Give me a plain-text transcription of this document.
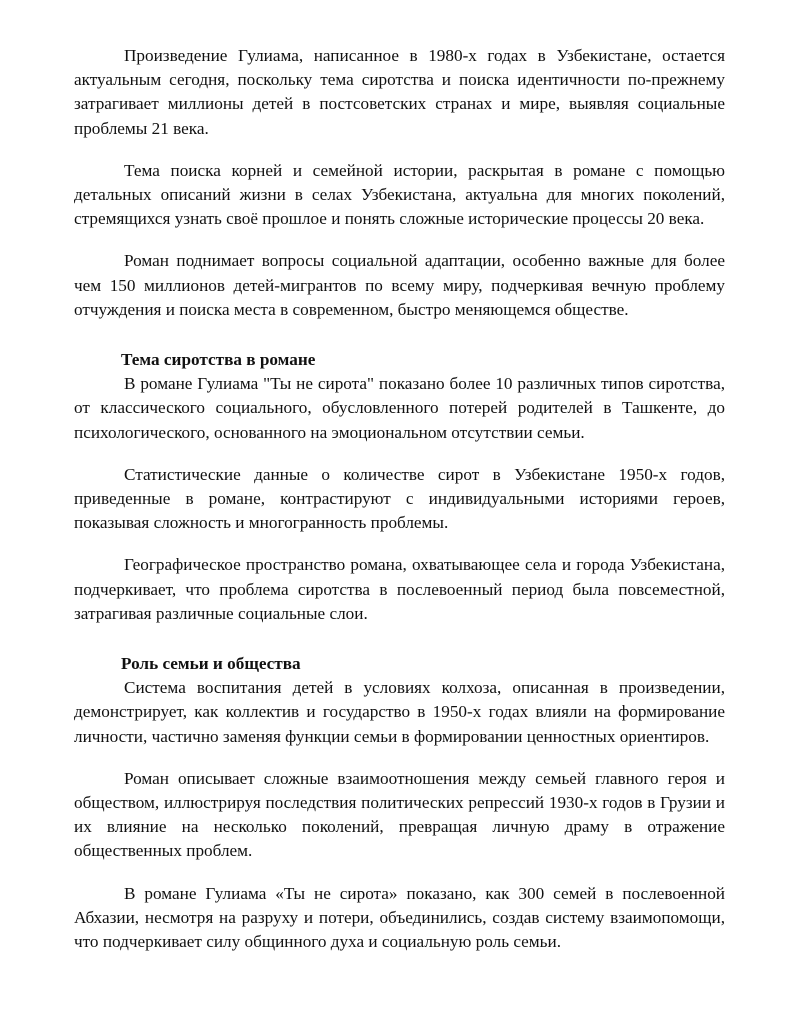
Произведение Гулиама, написанное в 1980-х годах в Узбекистане, остается актуальным сегодня, поскольку тема сиротства и поиска идентичности по-прежнему затрагивает миллионы детей в постсоветских странах и мире, выявляя социальные проблемы 21 века.

Тема поиска корней и семейной истории, раскрытая в романе с помощью детальных описаний жизни в селах Узбекистана, актуальна для многих поколений, стремящихся узнать своё прошлое и понять сложные исторические процессы 20 века.

Роман поднимает вопросы социальной адаптации, особенно важные для более чем 150 миллионов детей-мигрантов по всему миру, подчеркивая вечную проблему отчуждения и поиска места в современном, быстро меняющемся обществе.

Тема сиротства в романе

В романе Гулиама "Ты не сирота" показано более 10 различных типов сиротства, от классического социального, обусловленного потерей родителей в Ташкенте, до психологического, основанного на эмоциональном отсутствии семьи.

Статистические данные о количестве сирот в Узбекистане 1950-х годов, приведенные в романе, контрастируют с индивидуальными историями героев, показывая сложность и многогранность проблемы.

Географическое пространство романа, охватывающее села и города Узбекистана, подчеркивает, что проблема сиротства в послевоенный период была повсеместной, затрагивая различные социальные слои.

Роль семьи и общества

Система воспитания детей в условиях колхоза, описанная в произведении, демонстрирует, как коллектив и государство в 1950-х годах влияли на формирование личности, частично заменяя функции семьи в формировании ценностных ориентиров.

Роман описывает сложные взаимоотношения между семьей главного героя и обществом, иллюстрируя последствия политических репрессий 1930-х годов в Грузии и их влияние на несколько поколений, превращая личную драму в отражение общественных проблем.

В романе Гулиама «Ты не сирота» показано, как 300 семей в послевоенной Абхазии, несмотря на разруху и потери, объединились, создав систему взаимопомощи, что подчеркивает силу общинного духа и социальную роль семьи.
